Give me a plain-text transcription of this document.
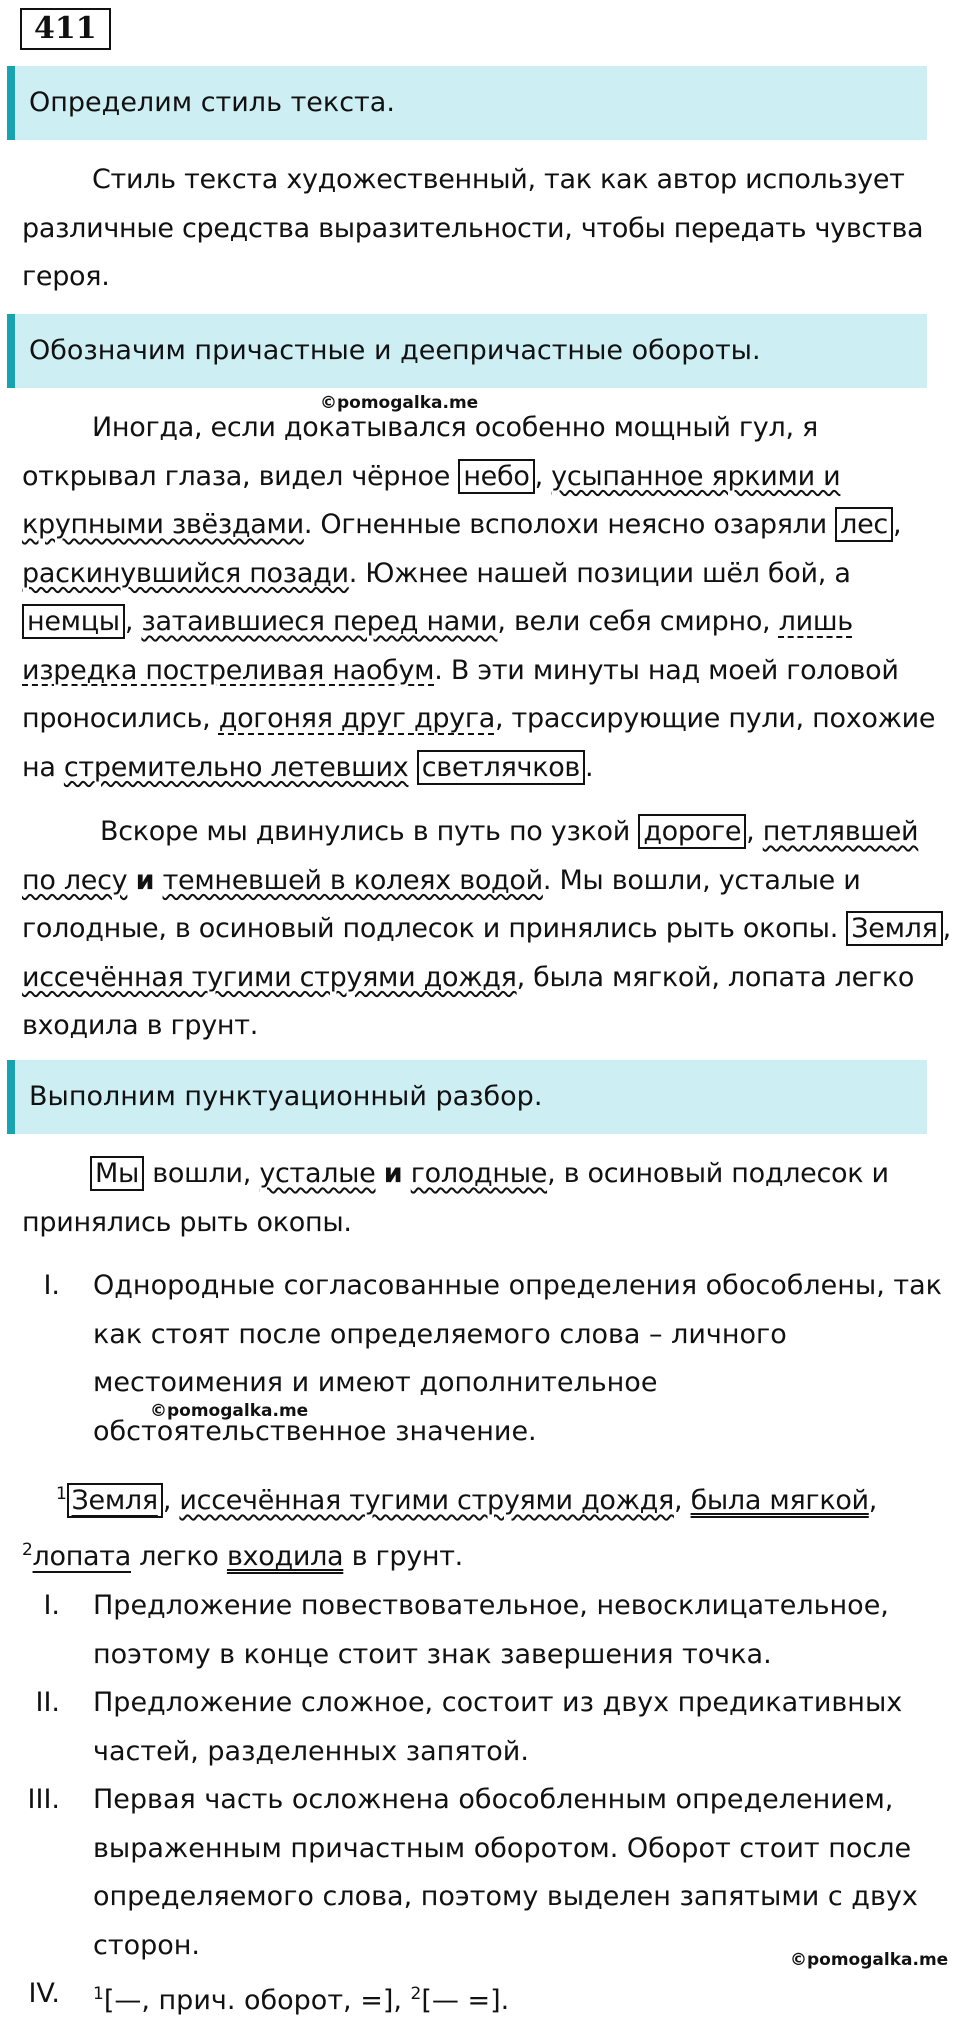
411
Определим стиль текста.

Стиль текста художественный, так как автор использует различные средства выразительности, чтобы передать чувства героя.

Обозначим причастные и деепричастные обороты.
©pomogalka.me

Иногда, если докатывался особенно мощный гул, я открывал глаза, видел чёрное небо , усыпанное яркими и крупными звёздами. Огненные всполохи неясно озаряли лес , раскинувшийся позади. Южнее нашей позиции шёл бой, а немцы , затаившиеся перед нами, вели себя смирно, лишь изредка постреливая наобум. В эти минуты над моей головой проносились, догоняя друг друга, трассирующие пули, похожие на стремительно летевших светлячков .

Вскоре мы двинулись в путь по узкой дороге , петлявшей по лесу и темневшей в колеях водой. Мы вошли, усталые и голодные, в осиновый подлесок и принялись рыть окопы. Земля , иссечённая тугими струями дождя, была мягкой, лопата легко входила в грунт.

Выполним пунктуационный разбор.

Мы вошли, усталые и голодные, в осиновый подлесок и принялись рыть окопы.

I. Однородные согласованные определения обособлены, так как стоят после определяемого слова – личного местоимения и имеют дополнительное обстоятельственное значение.
©pomogalka.me

$^1$ Земля , иссечённая тугими струями дождя, была мягкой,
$^2$лопата легко входила в грунт.

I. Предложение повествовательное, невосклицательное, поэтому в конце стоит знак завершения точка.
II. Предложение сложное, состоит из двух предикативных частей, разделенных запятой.
III. Первая часть осложнена обособленным определением, выраженным причастным оборотом. Оборот стоит после определяемого слова, поэтому выделен запятыми с двух сторон.	©pomogalka.me
IV. $^1$[—, прич. оборот, =], $^2$[— =].
